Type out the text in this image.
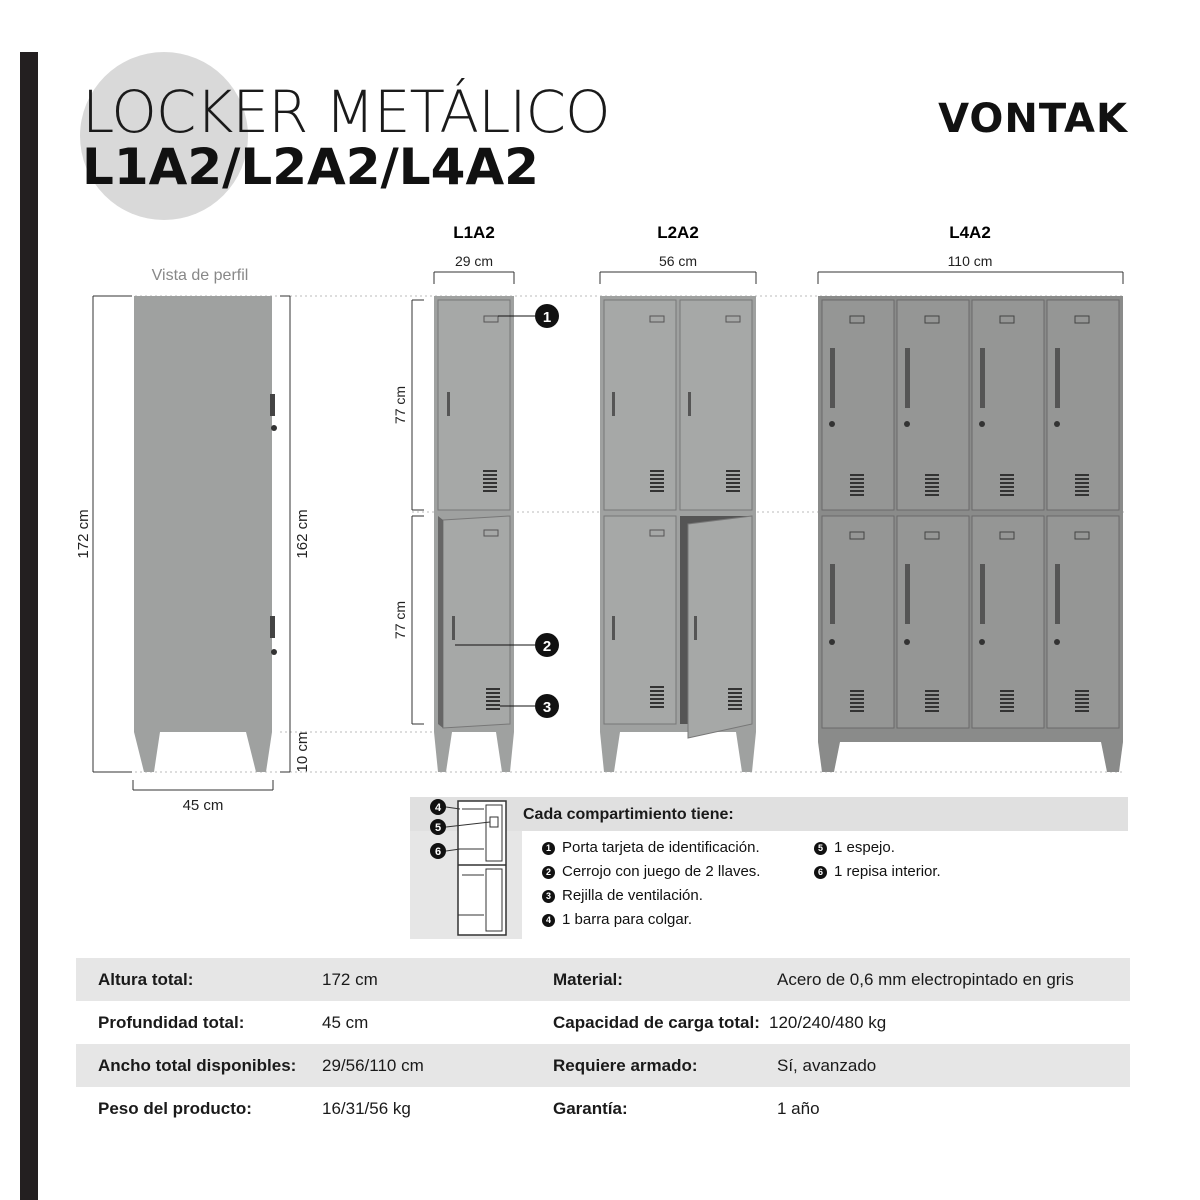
LOCKER METÁLICO
L1A2/L2A2/L4A2
VONTAK
Vista de perfil
172 cm	162 cm
10 cm
45 cm
L1A2	L2A2	L4A2
29 cm	56 cm	110 cm
77 cm
77 cm
1
2
3
4
5
6
Cada compartimiento tiene:
1 Porta tarjeta de identificación.
2 Cerrojo con juego de 2 llaves.
3 Rejilla de ventilación.
4 1 barra para colgar.
5 1 espejo.
6 1 repisa interior.
Altura total:	172 cm	Material:	Acero de 0,6 mm electropintado en gris
Profundidad total:	45 cm	Capacidad de carga total: 120/240/480 kg
Ancho total disponibles: 29/56/110 cm	Requiere armado:	Sí, avanzado
Peso del producto:	16/31/56 kg	Garantía:	1 año
